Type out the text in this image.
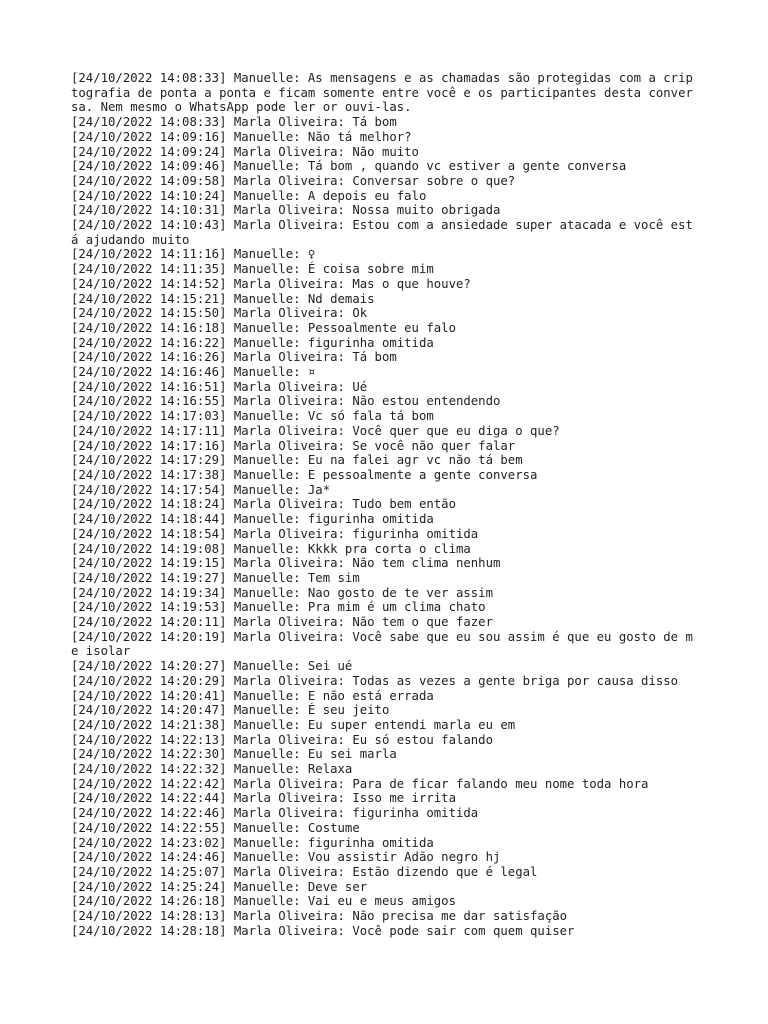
[24/10/2022 14:08:33] Manuelle: As mensagens e as chamadas são protegidas com a criptografia de ponta a ponta e ficam somente entre você e os participantes desta conversa. Nem mesmo o WhatsApp pode ler or ouvi-las.
[24/10/2022 14:08:33] Marla Oliveira: Tá bom
[24/10/2022 14:09:16] Manuelle: Não tá melhor?
[24/10/2022 14:09:24] Marla Oliveira: Não muito
[24/10/2022 14:09:46] Manuelle: Tá bom , quando vc estiver a gente conversa
[24/10/2022 14:09:58] Marla Oliveira: Conversar sobre o que?
[24/10/2022 14:10:24] Manuelle: A depois eu falo
[24/10/2022 14:10:31] Marla Oliveira: Nossa muito obrigada
[24/10/2022 14:10:43] Marla Oliveira: Estou com a ansiedade super atacada e você está ajudando muito
[24/10/2022 14:11:16] Manuelle: ♀
[24/10/2022 14:11:35] Manuelle: É coisa sobre mim
[24/10/2022 14:14:52] Marla Oliveira: Mas o que houve?
[24/10/2022 14:15:21] Manuelle: Nd demais
[24/10/2022 14:15:50] Marla Oliveira: Ok
[24/10/2022 14:16:18] Manuelle: Pessoalmente eu falo
[24/10/2022 14:16:22] Manuelle: figurinha omitida
[24/10/2022 14:16:26] Marla Oliveira: Tá bom
[24/10/2022 14:16:46] Manuelle: ¤
[24/10/2022 14:16:51] Marla Oliveira: Ué
[24/10/2022 14:16:55] Marla Oliveira: Não estou entendendo
[24/10/2022 14:17:03] Manuelle: Vc só fala tá bom
[24/10/2022 14:17:11] Marla Oliveira: Você quer que eu diga o que?
[24/10/2022 14:17:16] Marla Oliveira: Se você não quer falar
[24/10/2022 14:17:29] Manuelle: Eu na falei agr vc não tá bem
[24/10/2022 14:17:38] Manuelle: E pessoalmente a gente conversa
[24/10/2022 14:17:54] Manuelle: Ja*
[24/10/2022 14:18:24] Marla Oliveira: Tudo bem então
[24/10/2022 14:18:44] Manuelle: figurinha omitida
[24/10/2022 14:18:54] Marla Oliveira: figurinha omitida
[24/10/2022 14:19:08] Manuelle: Kkkk pra corta o clima
[24/10/2022 14:19:15] Marla Oliveira: Não tem clima nenhum
[24/10/2022 14:19:27] Manuelle: Tem sim
[24/10/2022 14:19:34] Manuelle: Nao gosto de te ver assim
[24/10/2022 14:19:53] Manuelle: Pra mim é um clima chato
[24/10/2022 14:20:11] Marla Oliveira: Não tem o que fazer
[24/10/2022 14:20:19] Marla Oliveira: Você sabe que eu sou assim é que eu gosto de me isolar
[24/10/2022 14:20:27] Manuelle: Sei ué
[24/10/2022 14:20:29] Marla Oliveira: Todas as vezes a gente briga por causa disso
[24/10/2022 14:20:41] Manuelle: E não está errada
[24/10/2022 14:20:47] Manuelle: É seu jeito
[24/10/2022 14:21:38] Manuelle: Eu super entendi marla eu em
[24/10/2022 14:22:13] Marla Oliveira: Eu só estou falando
[24/10/2022 14:22:30] Manuelle: Eu sei marla
[24/10/2022 14:22:32] Manuelle: Relaxa
[24/10/2022 14:22:42] Marla Oliveira: Para de ficar falando meu nome toda hora
[24/10/2022 14:22:44] Marla Oliveira: Isso me irrita
[24/10/2022 14:22:46] Marla Oliveira: figurinha omitida
[24/10/2022 14:22:55] Manuelle: Costume
[24/10/2022 14:23:02] Manuelle: figurinha omitida
[24/10/2022 14:24:46] Manuelle: Vou assistir Adão negro hj
[24/10/2022 14:25:07] Marla Oliveira: Estão dizendo que é legal
[24/10/2022 14:25:24] Manuelle: Deve ser
[24/10/2022 14:26:18] Manuelle: Vai eu e meus amigos
[24/10/2022 14:28:13] Marla Oliveira: Não precisa me dar satisfação
[24/10/2022 14:28:18] Marla Oliveira: Você pode sair com quem quiser
